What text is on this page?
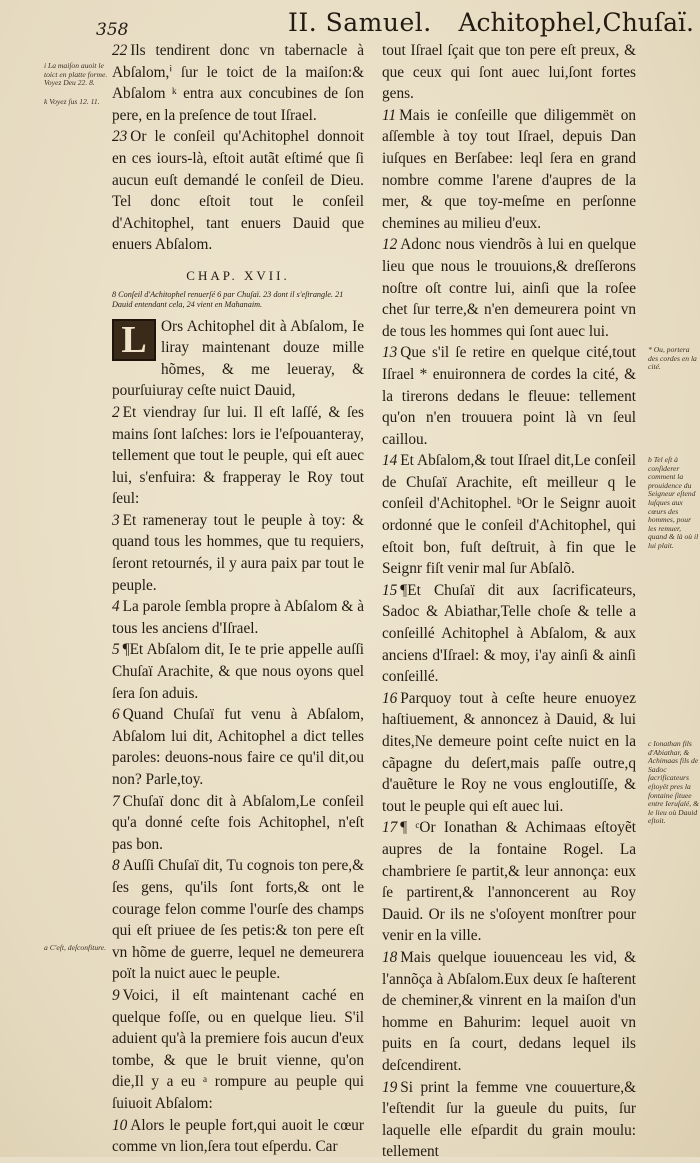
358	II. Samuel. Achitophel,Chuſaï.

22 Ils tendirent donc vn tabernacle à Abſalom,ⁱ ſur le toict de la maiſon:& Abſalom ᵏ entra aux concubines de ſon pere, en la preſence de tout Iſrael.

23 Or le conſeil qu'Achitophel donnoit en ces iours-là, eſtoit autãt eſtimé que ſi aucun euſt demandé le conſeil de Dieu. Tel donc eſtoit tout le conſeil d'Achitophel, tant enuers Dauid que enuers Abſalom.

CHAP. XVII.
8 Conſeil d'Achitophel renuerſé 6 par Chuſaï. 23 dont il s'eſtrangle. 21 Dauid entendant cela, 24 vient en Mahanaim.
L Ors Achitophel dit à Abſalom, Ie liray maintenant douze mille hõmes, & me leueray, & pourſuiuray ceſte nuict Dauid,

2 Et viendray ſur lui. Il eſt laſſé, & ſes mains ſont laſches: lors ie l'eſpouanteray, tellement que tout le peuple, qui eſt auec lui, s'enfuira: & frapperay le Roy tout ſeul:

3 Et rameneray tout le peuple à toy: & quand tous les hommes, que tu requiers, ſeront retournés, il y aura paix par tout le peuple.

4 La parole ſembla propre à Abſalom & à tous les anciens d'Iſrael.

5 ¶Et Abſalom dit, Ie te prie appelle auſſi Chuſaï Arachite, & que nous oyons quel ſera ſon aduis.

6 Quand Chuſaï fut venu à Abſalom, Abſalom lui dit, Achitophel a dict telles paroles: deuons-nous faire ce qu'il dit,ou non? Parle,toy.

7 Chuſaï donc dit à Abſalom,Le conſeil qu'a donné ceſte fois Achitophel, n'eſt pas bon.

8 Auſſi Chuſaï dit, Tu cognois ton pere,& ſes gens, qu'ils ſont forts,& ont le courage felon comme l'ourſe des champs qui eſt priuee de ſes petis:& ton pere eſt vn hõme de guerre, lequel ne demeurera poït la nuict auec le peuple.

9 Voici, il eſt maintenant caché en quelque foſſe, ou en quelque lieu. S'il aduient qu'à la premiere fois aucun d'eux tombe, & que le bruit vienne, qu'on die,Il y a eu ᵃ rompure au peuple qui ſuiuoit Abſalom:

10 Alors le peuple fort,qui auoit le cœur comme vn lion,ſera tout eſperdu. Car

tout Iſrael ſçait que ton pere eſt preux, & que ceux qui ſont auec lui,ſont fortes gens.

11 Mais ie conſeille que diligemmët on aſſemble à toy tout Iſrael, depuis Dan iuſques en Berſabee: leql ſera en grand nombre comme l'arene d'aupres de la mer, & que toy-meſme en perſonne chemines au milieu d'eux.

12 Adonc nous viendrõs à lui en quelque lieu que nous le trouuions,& dreſſerons noſtre oſt contre lui, ainſi que la roſee chet ſur terre,& n'en demeurera point vn de tous les hommes qui ſont auec lui.

13 Que s'il ſe retire en quelque cité,tout Iſrael * enuironnera de cordes la cité, & la tirerons dedans le fleuue: tellement qu'on n'en trouuera point là vn ſeul caillou.

14 Et Abſalom,& tout Iſrael dit,Le conſeil de Chuſaï Arachite, eſt meilleur q le conſeil d'Achitophel. ᵇOr le Seignr auoit ordonné que le conſeil d'Achitophel, qui eſtoit bon, fuſt deſtruit, à fin que le Seignr fiſt venir mal ſur Abſalõ.

15 ¶Et Chuſaï dit aux ſacrificateurs, Sadoc & Abiathar,Telle choſe & telle a conſeillé Achitophel à Abſalom, & aux anciens d'Iſrael: & moy, i'ay ainſi & ainſi conſeillé.

16 Parquoy tout à ceſte heure enuoyez haſtiuement, & annoncez à Dauid, & lui dites,Ne demeure point ceſte nuict en la cãpagne du deſert,mais paſſe outre,q d'auẽture le Roy ne vous engloutiſſe, & tout le peuple qui eſt auec lui.

17 ¶ ᶜOr Ionathan & Achimaas eſtoyẽt aupres de la fontaine Rogel. La chambriere ſe partit,& leur annonça: eux ſe partirent,& l'annoncerent au Roy Dauid. Or ils ne s'oſoyent monſtrer pour venir en la ville.

18 Mais quelque iouuenceau les vid, & l'annõça à Abſalom.Eux deux ſe haſterent de cheminer,& vinrent en la maiſon d'un homme en Bahurim: lequel auoit vn puits en ſa court, dedans lequel ils deſcendirent.

19 Si print la femme vne couuerture,& l'eſtendit ſur la gueule du puits, ſur laquelle elle eſpardit du grain moulu: tellement

i La maiſon auoit le toict en platte forme. Voyez Deu 22. 8.
k Voyez ſus 12. 11.
a C'eſt, deſconfiture.
* Ou, portera des cordes en la cité.
b Tel eſt à conſiderer comment la prouidence du Seigneur eſtend luſques aux cœurs des hommes, pour les remuer, quand & là où il lui plait.
c Ionathan fils d'Abiathar, & Achimaas fils de Sadoc ſacrificateurs eſtoyët pres la fontaine ſituee entre Ieruſalé, & le lieu où Dauid eſtoit.
